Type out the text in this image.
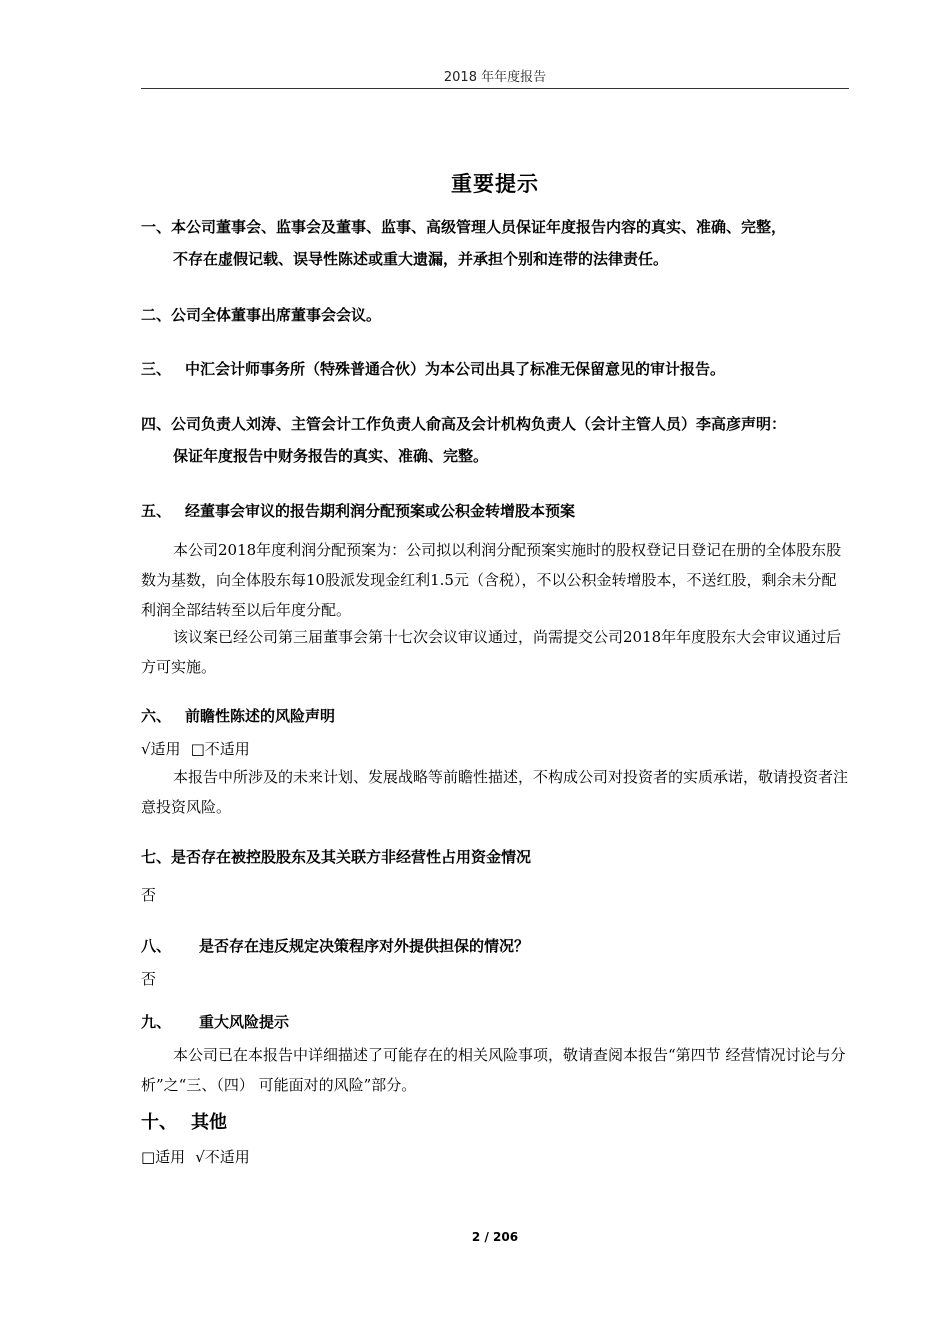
2018 年年度报告
重要提示
一、本公司董事会、监事会及董事、监事、高级管理人员保证年度报告内容的真实、准确、完整，
不存在虚假记载、误导性陈述或重大遗漏，并承担个别和连带的法律责任。
二、公司全体董事出席董事会会议。
三、 中汇会计师事务所（特殊普通合伙）为本公司出具了标准无保留意见的审计报告。
四、公司负责人刘涛、主管会计工作负责人俞高及会计机构负责人（会计主管人员）李高彦声明：
保证年度报告中财务报告的真实、准确、完整。
五、 经董事会审议的报告期利润分配预案或公积金转增股本预案
本公司2018年度利润分配预案为：公司拟以利润分配预案实施时的股权登记日登记在册的全体股东股数为基数，向全体股东每10股派发现金红利1.5元（含税），不以公积金转增股本，不送红股，剩余未分配利润全部结转至以后年度分配。
该议案已经公司第三届董事会第十七次会议审议通过，尚需提交公司2018年年度股东大会审议通过后方可实施。
六、 前瞻性陈述的风险声明
√适用 □不适用
本报告中所涉及的未来计划、发展战略等前瞻性描述，不构成公司对投资者的实质承诺，敬请投资者注意投资风险。
七、是否存在被控股股东及其关联方非经营性占用资金情况
否
八、 是否存在违反规定决策程序对外提供担保的情况？
否
九、 重大风险提示
本公司已在本报告中详细描述了可能存在的相关风险事项，敬请查阅本报告“第四节 经营情况讨论与分析”之“三、（四） 可能面对的风险”部分。
十、 其他
□适用 √不适用
2 / 206
